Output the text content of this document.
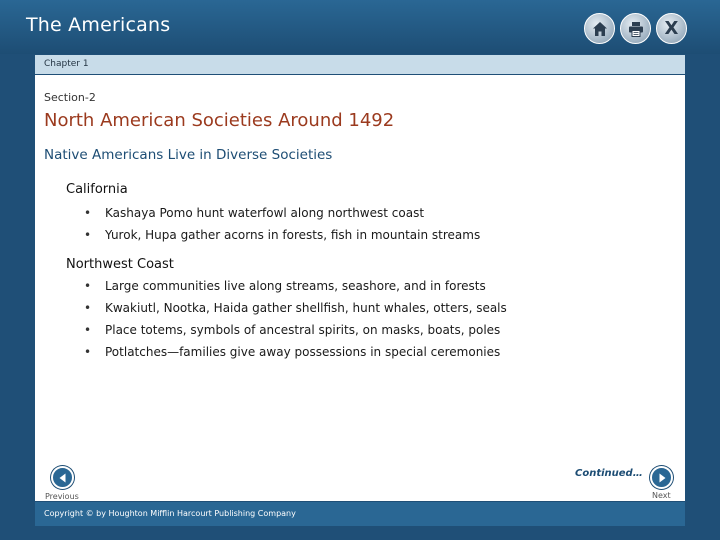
The Americans	X
Chapter 1
Section-2
North American Societies Around 1492
Native Americans Live in Diverse Societies
California
• Kashaya Pomo hunt waterfowl along northwest coast
• Yurok, Hupa gather acorns in forests, fish in mountain streams
Northwest Coast
• Large communities live along streams, seashore, and in forests
• Kwakiutl, Nootka, Haida gather shellfish, hunt whales, otters, seals
• Place totems, symbols of ancestral spirits, on masks, boats, poles
• Potlatches—families give away possessions in special ceremonies
Continued…
Previous	Next
Copyright © by Houghton Mifflin Harcourt Publishing Company
